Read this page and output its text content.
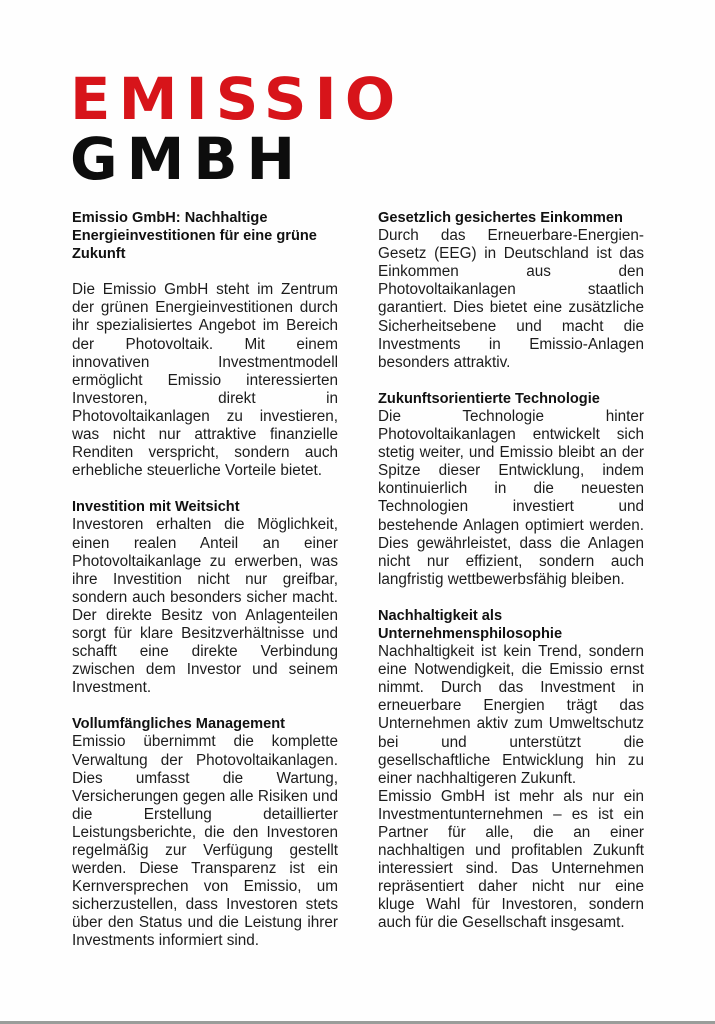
EMISSIO
GMBH

Emissio GmbH: Nachhaltige Energieinvestitionen für eine grüne Zukunft

Die Emissio GmbH steht im Zentrum der grünen Energieinvestitionen durch ihr spezialisiertes Angebot im Bereich der Photovoltaik. Mit einem innovativen Investmentmodell ermöglicht Emissio interessierten Investoren, direkt in Photovoltaikanlagen zu investieren, was nicht nur attraktive finanzielle Renditen verspricht, sondern auch erhebliche steuerliche Vorteile bietet.

Investition mit Weitsicht

Investoren erhalten die Möglichkeit, einen realen Anteil an einer Photovoltaikanlage zu erwerben, was ihre Investition nicht nur greifbar, sondern auch besonders sicher macht. Der direkte Besitz von Anlagenteilen sorgt für klare Besitzverhältnisse und schafft eine direkte Verbindung zwischen dem Investor und seinem Investment.

Vollumfängliches Management

Emissio übernimmt die komplette Verwaltung der Photovoltaikanlagen. Dies umfasst die Wartung, Versicherungen gegen alle Risiken und die Erstellung detaillierter Leistungsberichte, die den Investoren regelmäßig zur Verfügung gestellt werden. Diese Transparenz ist ein Kernversprechen von Emissio, um sicherzustellen, dass Investoren stets über den Status und die Leistung ihrer Investments informiert sind.

Gesetzlich gesichertes Einkommen

Durch das Erneuerbare-Energien-Gesetz (EEG) in Deutschland ist das Einkommen aus den Photovoltaikanlagen staatlich garantiert. Dies bietet eine zusätzliche Sicherheitsebene und macht die Investments in Emissio-Anlagen besonders attraktiv.

Zukunftsorientierte Technologie

Die Technologie hinter Photovoltaikanlagen entwickelt sich stetig weiter, und Emissio bleibt an der Spitze dieser Entwicklung, indem kontinuierlich in die neuesten Technologien investiert und bestehende Anlagen optimiert werden. Dies gewährleistet, dass die Anlagen nicht nur effizient, sondern auch langfristig wettbewerbsfähig bleiben.

Nachhaltigkeit als Unternehmensphilosophie

Nachhaltigkeit ist kein Trend, sondern eine Notwendigkeit, die Emissio ernst nimmt. Durch das Investment in erneuerbare Energien trägt das Unternehmen aktiv zum Umweltschutz bei und unterstützt die gesellschaftliche Entwicklung hin zu einer nachhaltigeren Zukunft.

Emissio GmbH ist mehr als nur ein Investmentunternehmen – es ist ein Partner für alle, die an einer nachhaltigen und profitablen Zukunft interessiert sind. Das Unternehmen repräsentiert daher nicht nur eine kluge Wahl für Investoren, sondern auch für die Gesellschaft insgesamt.
